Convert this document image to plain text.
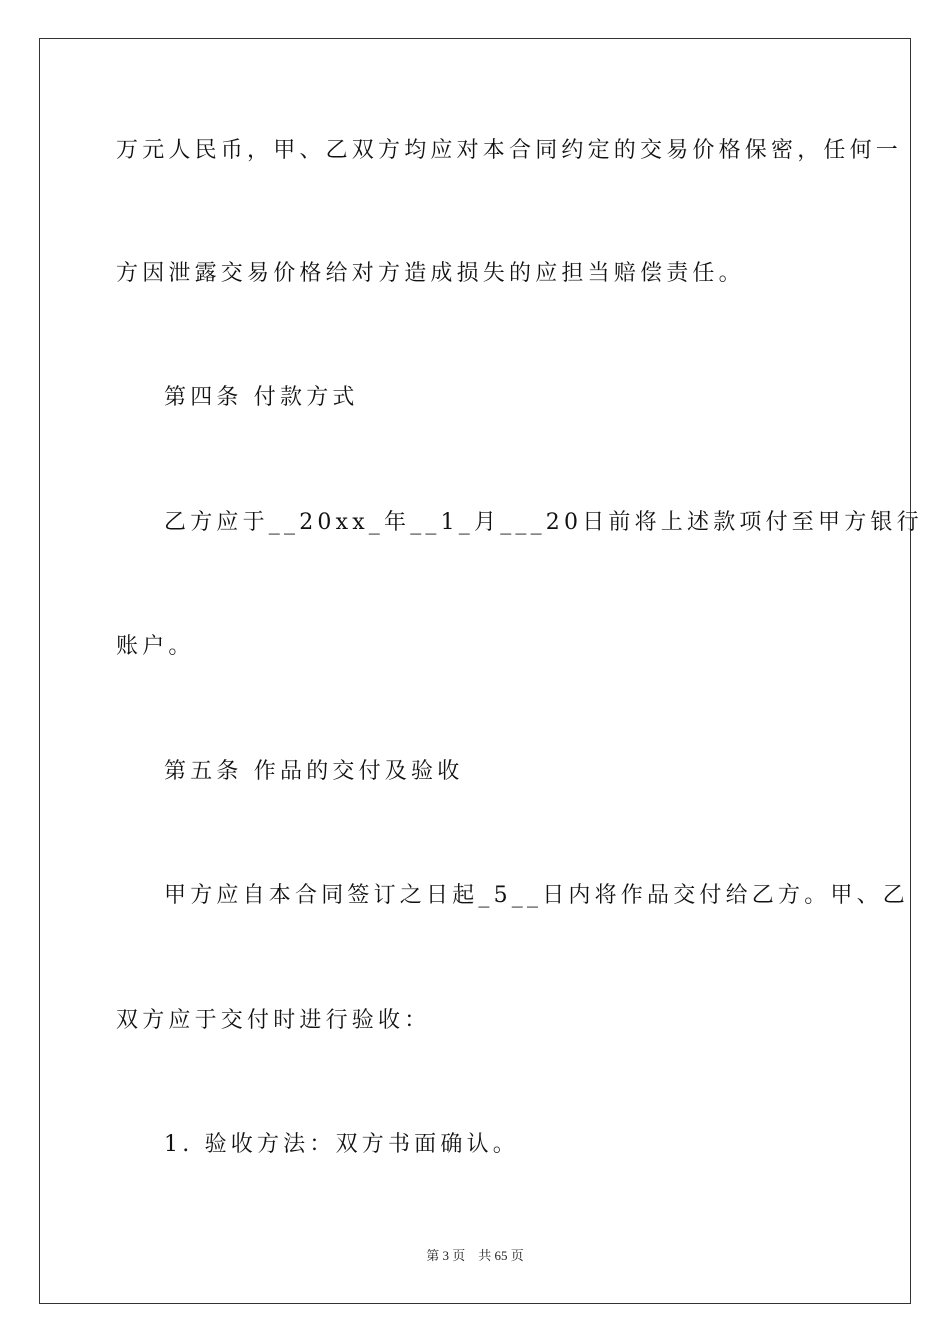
万元人民币，甲、乙双方均应对本合同约定的交易价格保密，任何一
方因泄露交易价格给对方造成损失的应担当赔偿责任。
第四条 付款方式
乙方应于__20xx_年__1_月___20日前将上述款项付至甲方银行
账户。
第五条 作品的交付及验收
甲方应自本合同签订之日起_5__日内将作品交付给乙方。甲、乙
双方应于交付时进行验收：
1. 验收方法：双方书面确认。
第 3 页    共 65 页
